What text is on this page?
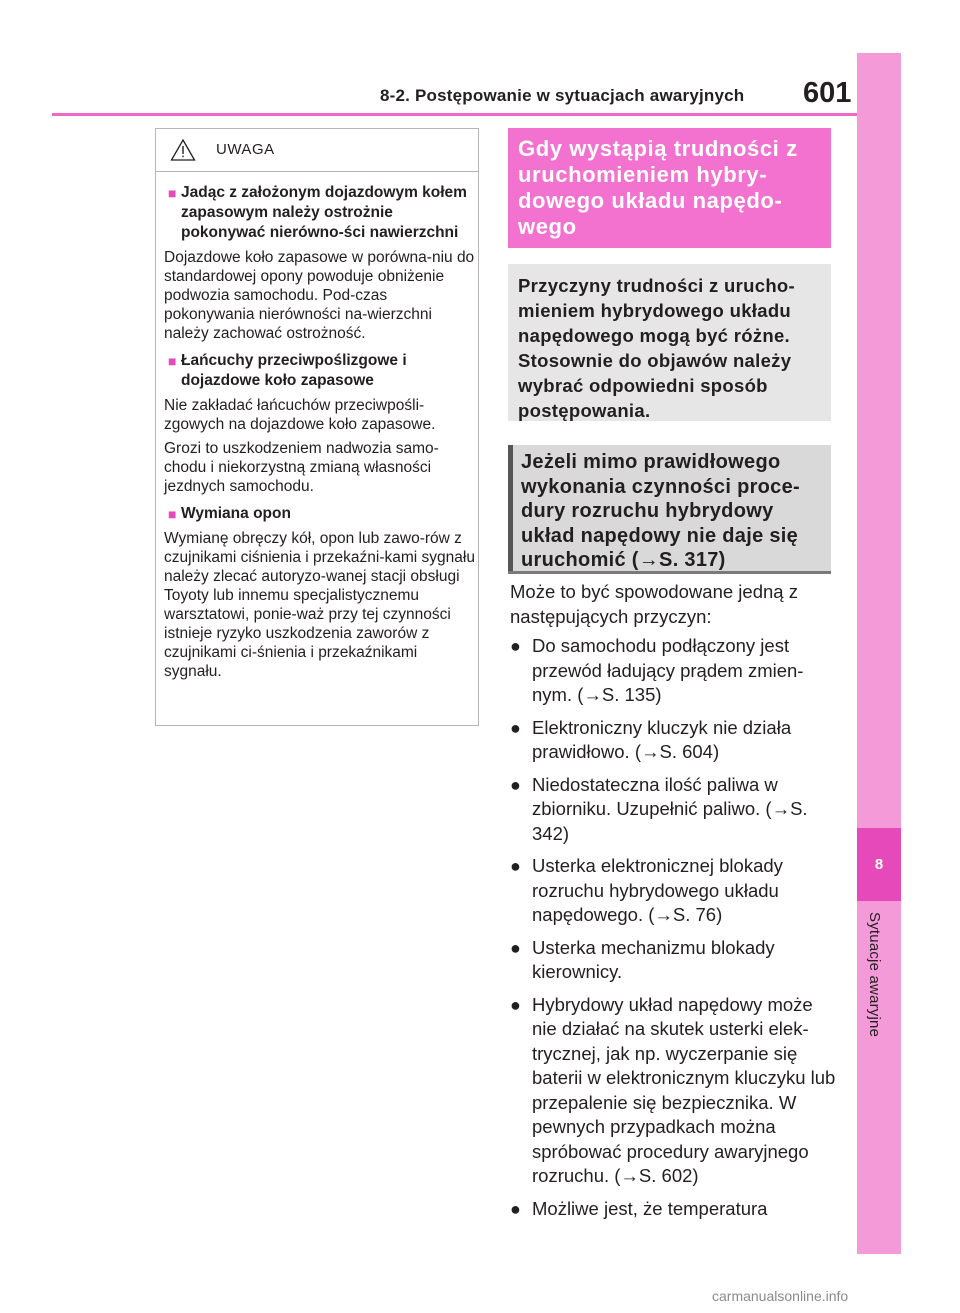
8-2. Postępowanie w sytuacjach awaryjnych 601
8
Sytuacje awaryjne
UWAGA
■ Jadąc z założonym dojazdowym kołem zapasowym należy ostrożnie pokonywać nierówno-ści nawierzchni
Dojazdowe koło zapasowe w porówna-niu do standardowej opony powoduje obniżenie podwozia samochodu. Pod-czas pokonywania nierówności na-wierzchni należy zachować ostrożność.
■ Łańcuchy przeciwpoślizgowe i dojazdowe koło zapasowe
Nie zakładać łańcuchów przeciwpośli-zgowych na dojazdowe koło zapasowe.
Grozi to uszkodzeniem nadwozia samo-chodu i niekorzystną zmianą własności jezdnych samochodu.
■ Wymiana opon
Wymianę obręczy kół, opon lub zawo-rów z czujnikami ciśnienia i przekaźni-kami sygnału należy zlecać autoryzo-wanej stacji obsługi Toyoty lub innemu specjalistycznemu warsztatowi, ponie-waż przy tej czynności istnieje ryzyko uszkodzenia zaworów z czujnikami ci-śnienia i przekaźnikami sygnału.
Gdy wystąpią trudności z uruchomieniem hybry-dowego układu napędo-wego
Przyczyny trudności z urucho-mieniem hybrydowego układu napędowego mogą być różne. Stosownie do objawów należy wybrać odpowiedni sposób postępowania.
Jeżeli mimo prawidłowego wykonania czynności proce-dury rozruchu hybrydowy układ napędowy nie daje się uruchomić (→S. 317)
Może to być spowodowane jedną z następujących przyczyn:
● Do samochodu podłączony jest przewód ładujący prądem zmien-nym. (→S. 135)
● Elektroniczny kluczyk nie działa prawidłowo. (→S. 604)
● Niedostateczna ilość paliwa w zbiorniku. Uzupełnić paliwo. (→S. 342)
● Usterka elektronicznej blokady rozruchu hybrydowego układu napędowego. (→S. 76)
● Usterka mechanizmu blokady kierownicy.
● Hybrydowy układ napędowy może nie działać na skutek usterki elek-trycznej, jak np. wyczerpanie się baterii w elektronicznym kluczyku lub przepalenie się bezpiecznika. W pewnych przypadkach można spróbować procedury awaryjnego rozruchu. (→S. 602)
● Możliwe jest, że temperatura
carmanualsonline.info
